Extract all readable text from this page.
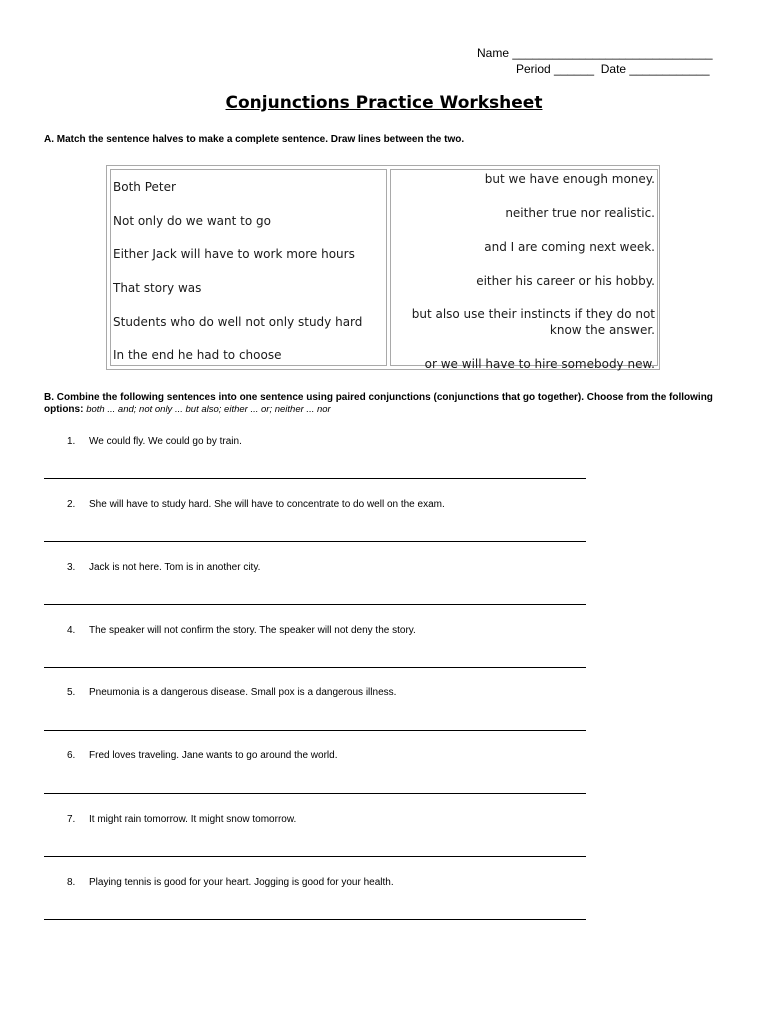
Name ______________________________
Period ______  Date ____________
Conjunctions Practice Worksheet
A. Match the sentence halves to make a complete sentence. Draw lines between the two.
Both Peter
Not only do we want to go
Either Jack will have to work more hours
That story was
Students who do well not only study hard
In the end he had to choose
but we have enough money.
neither true nor realistic.
and I are coming next week.
either his career or his hobby.
but also use their instincts if they do not
know the answer.
or we will have to hire somebody new.
B. Combine the following sentences into one sentence using paired conjunctions (conjunctions that go together). Choose from the following options: both ... and; not only ... but also; either ... or; neither ... nor
1. We could fly. We could go by train.
2. She will have to study hard. She will have to concentrate to do well on the exam.
3. Jack is not here. Tom is in another city.
4. The speaker will not confirm the story. The speaker will not deny the story.
5. Pneumonia is a dangerous disease. Small pox is a dangerous illness.
6. Fred loves traveling. Jane wants to go around the world.
7. It might rain tomorrow. It might snow tomorrow.
8. Playing tennis is good for your heart. Jogging is good for your health.
